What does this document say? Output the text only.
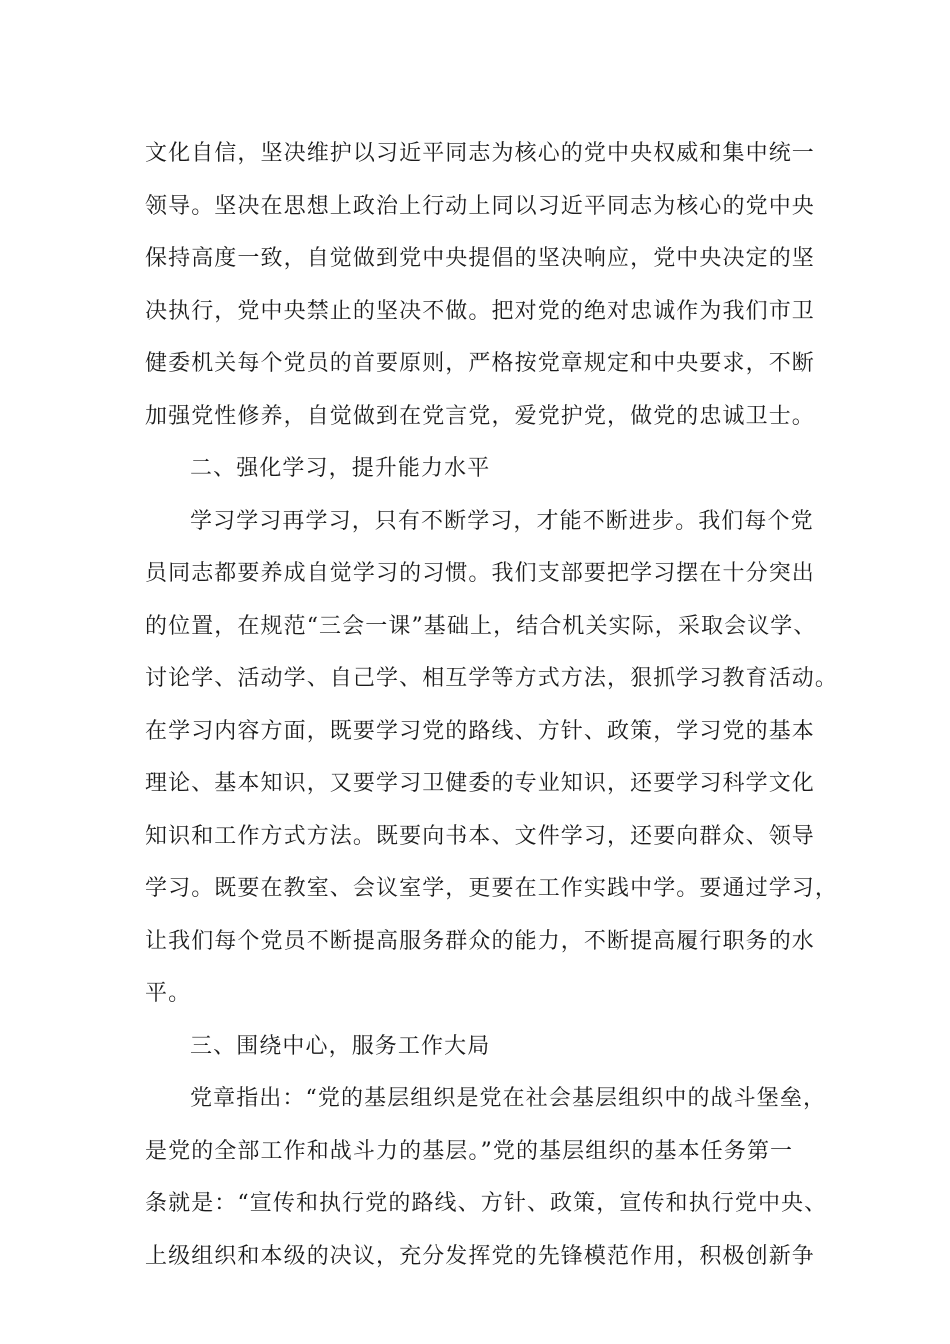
文化自信，坚决维护以习近平同志为核心的党中央权威和集中统一
领导。坚决在思想上政治上行动上同以习近平同志为核心的党中央
保持高度一致，自觉做到党中央提倡的坚决响应，党中央决定的坚
决执行，党中央禁止的坚决不做。把对党的绝对忠诚作为我们市卫
健委机关每个党员的首要原则，严格按党章规定和中央要求，不断
加强党性修养，自觉做到在党言党，爱党护党，做党的忠诚卫士。
二、强化学习，提升能力水平
学习学习再学习，只有不断学习，才能不断进步。我们每个党
员同志都要养成自觉学习的习惯。我们支部要把学习摆在十分突出
的位置，在规范“三会一课”基础上，结合机关实际，采取会议学、
讨论学、活动学、自己学、相互学等方式方法，狠抓学习教育活动。
在学习内容方面，既要学习党的路线、方针、政策，学习党的基本
理论、基本知识，又要学习卫健委的专业知识，还要学习科学文化
知识和工作方式方法。既要向书本、文件学习，还要向群众、领导
学习。既要在教室、会议室学，更要在工作实践中学。要通过学习，
让我们每个党员不断提高服务群众的能力，不断提高履行职务的水
平。
三、围绕中心，服务工作大局
党章指出：“党的基层组织是党在社会基层组织中的战斗堡垒，
是党的全部工作和战斗力的基层。”党的基层组织的基本任务第一
条就是：“宣传和执行党的路线、方针、政策，宣传和执行党中央、
上级组织和本级的决议，充分发挥党的先锋模范作用，积极创新争
